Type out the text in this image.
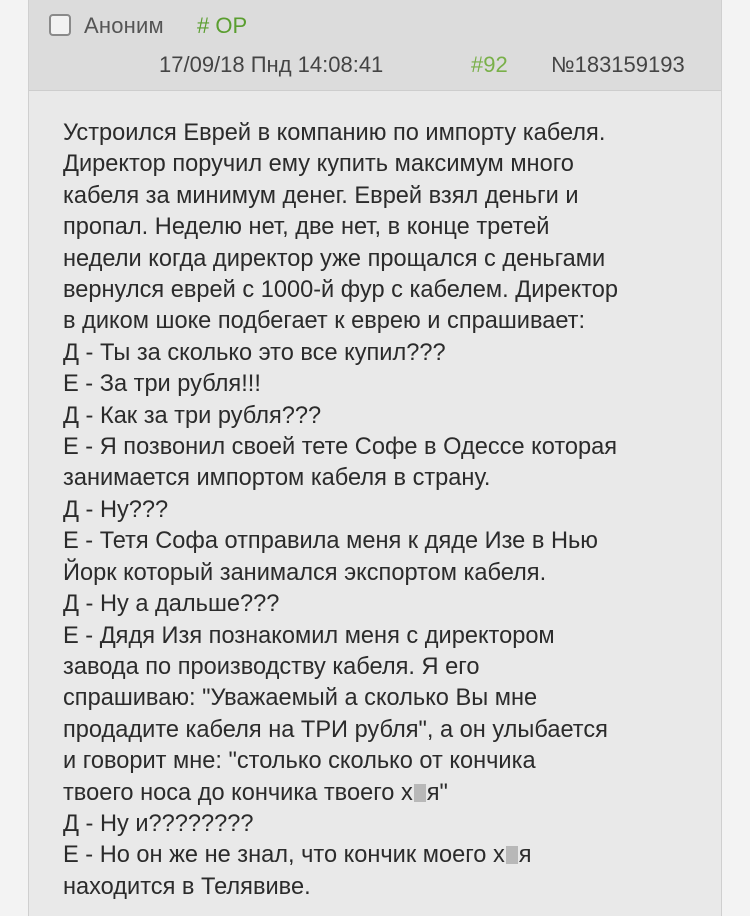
Аноним # OP
17/09/18 Пнд 14:08:41	#92 №183159193
Устроился Еврей в компанию по импорту кабеля.
Директор поручил ему купить максимум много
кабеля за минимум денег. Еврей взял деньги и
пропал. Неделю нет, две нет, в конце третей
недели когда директор уже прощался с деньгами
вернулся еврей с 1000-й фур с кабелем. Директор
в диком шоке подбегает к еврею и спрашивает:
Д - Ты за сколько это все купил???
Е - За три рубля!!!
Д - Как за три рубля???
Е - Я позвонил своей тете Софе в Одессе которая
занимается импортом кабеля в страну.
Д - Ну???
Е - Тетя Софа отправила меня к дяде Изе в Нью
Йорк который занимался экспортом кабеля.
Д - Ну а дальше???
Е - Дядя Изя познакомил меня с директором
завода по производству кабеля. Я его
спрашиваю: "Уважаемый а сколько Вы мне
продадите кабеля на ТРИ рубля", а он улыбается
и говорит мне: "столько сколько от кончика
твоего носа до кончика твоего х я"
Д - Ну и????????
Е - Но он же не знал, что кончик моего х я
находится в Телявиве.
